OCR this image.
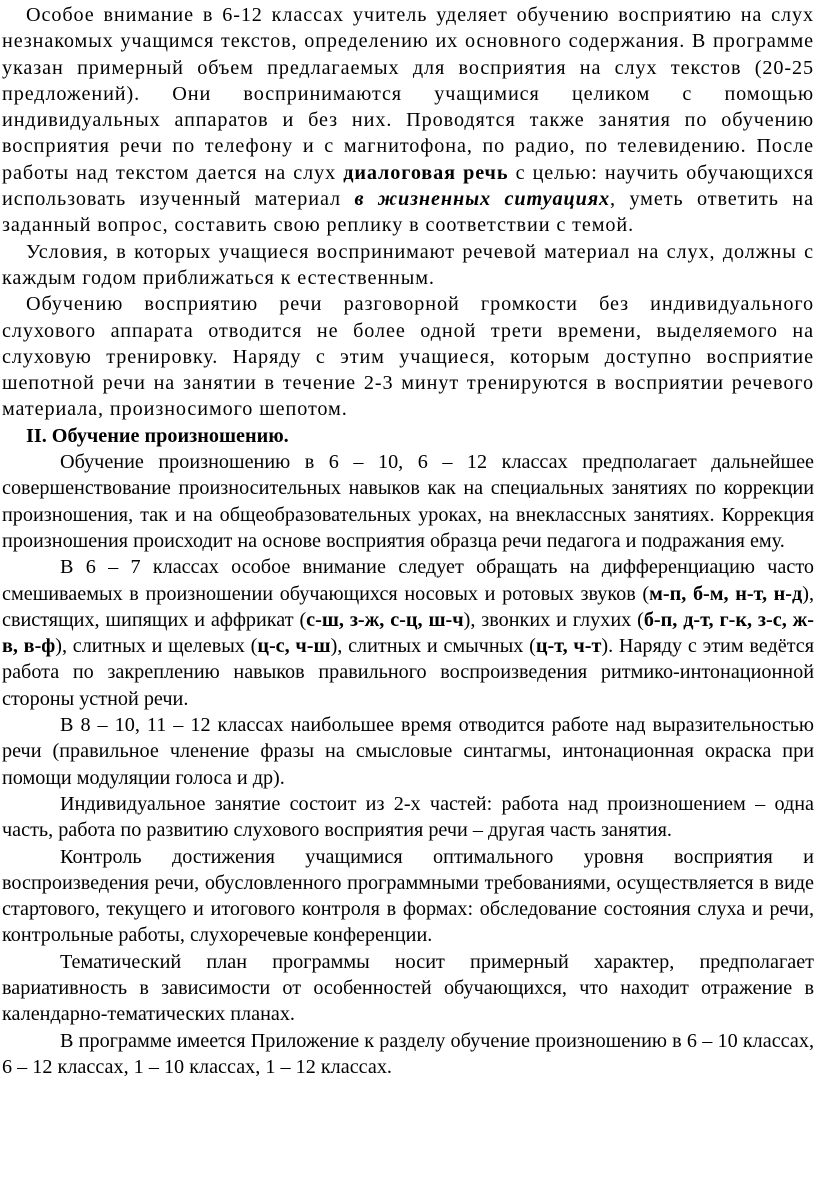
Особое внимание в 6-12 классах учитель уделяет обучению восприятию на слух незнакомых учащимся текстов, определению их основного содержания. В программе указан примерный объем предлагаемых для восприятия на слух текстов (20-25 предложений). Они воспринимаются учащимися целиком с помощью индивидуальных аппаратов и без них. Проводятся также занятия по обучению восприятия речи по телефону и с магнитофона, по радио, по телевидению. После работы над текстом дается на слух диалоговая речь с целью: научить обучающихся использовать изученный материал в жизненных ситуациях, уметь ответить на заданный вопрос, составить свою реплику в соответствии с темой.

Условия, в которых учащиеся воспринимают речевой материал на слух, должны с каждым годом приближаться к естественным.

Обучению восприятию речи разговорной громкости без индивидуального слухового аппарата отводится не более одной трети времени, выделяемого на слуховую тренировку. Наряду с этим учащиеся, которым доступно восприятие шепотной речи на занятии в течение 2-3 минут тренируются в восприятии речевого материала, произносимого шепотом.

II. Обучение произношению.

Обучение произношению в 6 – 10, 6 – 12 классах предполагает дальнейшее совершенствование произносительных навыков как на специальных занятиях по коррекции произношения, так и на общеобразовательных уроках, на внеклассных занятиях. Коррекция произношения происходит на основе восприятия образца речи педагога и подражания ему.

В 6 – 7 классах особое внимание следует обращать на дифференциацию часто смешиваемых в произношении обучающихся носовых и ротовых звуков (м-п, б-м, н-т, н-д), свистящих, шипящих и аффрикат (с-ш, з-ж, с-ц, ш-ч), звонких и глухих (б-п, д-т, г-к, з-с, ж-в, в-ф), слитных и щелевых (ц-с, ч-ш), слитных и смычных (ц-т, ч-т). Наряду с этим ведётся работа по закреплению навыков правильного воспроизведения ритмико-интонационной стороны устной речи.

В 8 – 10, 11 – 12 классах наибольшее время отводится работе над выразительностью речи (правильное членение фразы на смысловые синтагмы, интонационная окраска при помощи модуляции голоса и др).

Индивидуальное занятие состоит из 2-х частей: работа над произношением – одна часть, работа по развитию слухового восприятия речи – другая часть занятия.

Контроль достижения учащимися оптимального уровня восприятия и воспроизведения речи, обусловленного программными требованиями, осуществляется в виде стартового, текущего и итогового контроля в формах: обследование состояния слуха и речи, контрольные работы, слухоречевые конференции.

Тематический план программы носит примерный характер, предполагает вариативность в зависимости от особенностей обучающихся, что находит отражение в календарно-тематических планах.

В программе имеется Приложение к разделу обучение произношению в 6 – 10 классах, 6 – 12 классах, 1 – 10 классах, 1 – 12 классах.
